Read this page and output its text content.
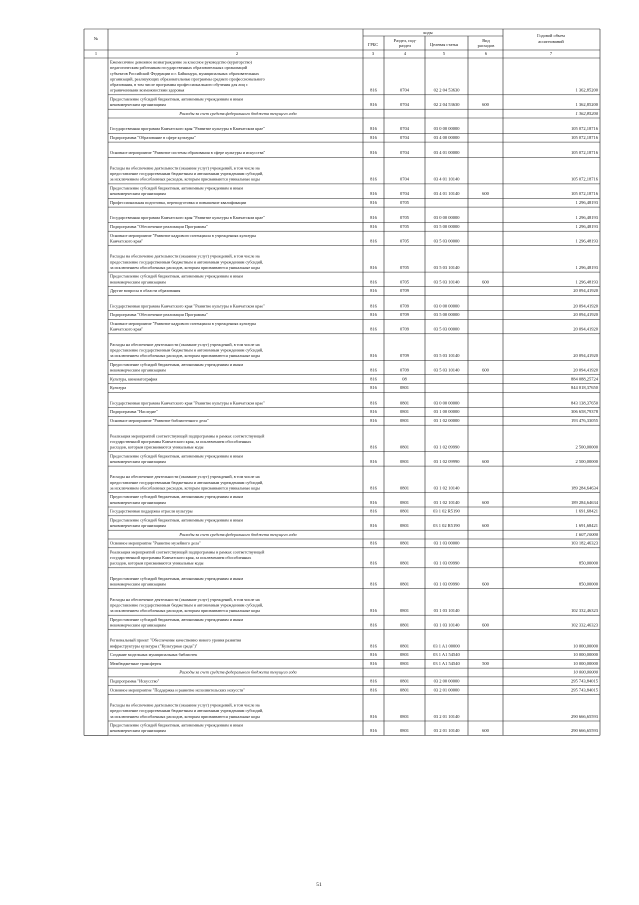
№
коды
ГРБС
Раздел, под-
раздел	Целевая статья
Вид
расходов
Годовой объем
ассигнований
1	2	3	4	5	6	7
Ежемесячное денежное вознаграждение за классное руководство (кураторство)
педагогическим работникам государственных образовательных организаций
субъектов Российской Федерации и г. Байконура, муниципальных образовательных
организаций, реализующих образовательные программы среднего профессионального
образования, в том числе программы профессионального обучения для лиц с
ограниченными возможностями здоровья	816	0704	02 2 04 53630	1 362,85200
Предоставление субсидий бюджетным, автономным учреждениям и иным
некоммерческим организациям	816	0704	02 2 04 53630	600	1 362,85200
Расходы за счет средств федерального бюджета текущего года	1 362,85200
Государственная программа Камчатского края "Развитие культуры в Камчатском крае"	816	0704	03 0 00 00000	105 072,18716
Подпрограмма "Образование в сфере культуры"	816	0704	03 4 00 00000	105 072,18716
Основное мероприятие "Развитие системы образования в сфере культуры и искусства"	816	0704	03 4 01 00000	105 072,18716
Расходы на обеспечение деятельности (оказание услуг) учреждений, в том числе на
предоставление государственным бюджетным и автономным учреждениям субсидий,
за исключением обособленных расходов, которым присваиваются уникальные коды	816	0704	03 4 01 10140	105 072,18716
Предоставление субсидий бюджетным, автономным учреждениям и иным
некоммерческим организациям	816	0704	03 4 01 10140	600	105 072,18716
Профессиональная подготовка, переподготовка и повышение квалификации	816	0705	1 296,48193
Государственная программа Камчатского края "Развитие культуры в Камчатском крае"	816	0705	03 0 00 00000	1 296,48193
Подпрограмма "Обеспечение реализации Программы"	816	0705	03 5 00 00000	1 296,48193
Основное мероприятие "Развитие кадрового потенциала в учреждениях культуры
Камчатского края"	816	0705	03 5 03 00000	1 296,48193
Расходы на обеспечение деятельности (оказание услуг) учреждений, в том числе на
предоставление государственным бюджетным и автономным учреждениям субсидий,
за исключением обособленных расходов, которым присваиваются уникальные коды	816	0705	03 5 03 10140	1 296,48193
Предоставление субсидий бюджетным, автономным учреждениям и иным
некоммерческим организациям	816	0705	03 5 03 10140	600	1 296,48193
Другие вопросы в области образования	816	0709	20 094,41920
Государственная программа Камчатского края "Развитие культуры в Камчатском крае"	816	0709	03 0 00 00000	20 094,41920
Подпрограмма "Обеспечение реализации Программы"	816	0709	03 5 00 00000	20 094,41920
Основное мероприятие "Развитие кадрового потенциала в учреждениях культуры
Камчатского края"	816	0709	03 5 03 00000	20 094,41920
Расходы на обеспечение деятельности (оказание услуг) учреждений, в том числе на
предоставление государственным бюджетным и автономным учреждениям субсидий,
за исключением обособленных расходов, которым присваиваются уникальные коды	816	0709	03 5 03 10140	20 094,41920
Предоставление субсидий бюджетным, автономным учреждениям и иным
некоммерческим организациям	816	0709	03 5 03 10140	600	20 094,41920
Культура, кинематография	816	08	884 088,25724
Культура	816	0801	844 018,37650
Государственная программа Камчатского края "Развитие культуры в Камчатском крае"	816	0801	03 0 00 00000	843 138,37650
Подпрограмма "Наследие"	816	0801	03 1 00 00000	306 658,79378
Основное мероприятие "Развитие библиотечного дела"	816	0801	03 1 02 00000	193 476,33055
Реализация мероприятий соответствующей подпрограммы в рамках соответствующей
государственной программы Камчатского края, за исключением обособленных
расходов, которым присваиваются уникальные коды	816	0801	03 1 02 09990	2 500,00000
Предоставление субсидий бюджетным, автономным учреждениям и иным
некоммерческим организациям	816	0801	03 1 02 09990	600	2 500,00000
Расходы на обеспечение деятельности (оказание услуг) учреждений, в том числе на
предоставление государственным бюджетным и автономным учреждениям субсидий,
за исключением обособленных расходов, которым присваиваются уникальные коды	816	0801	03 1 02 10140	189 284,64634
Предоставление субсидий бюджетным, автономным учреждениям и иным
некоммерческим организациям	816	0801	03 1 02 10140	600	189 284,64634
Государственная поддержка отрасли культуры	816	0801	03 1 02 R5190	1 691,68421
Предоставление субсидий бюджетным, автономным учреждениям и иным
некоммерческим организациям	816	0801	03 1 02 R5190	600	1 691,68421
Расходы за счет средств федерального бюджета текущего года	1 607,10000
Основное мероприятие "Развитие музейного дела"	816	0801	03 1 03 00000	103 182,46323
Реализация мероприятий соответствующей подпрограммы в рамках соответствующей
государственной программы Камчатского края, за исключением обособленных
расходов, которым присваиваются уникальные коды	816	0801	03 1 03 09990	850,00000
Предоставление субсидий бюджетным, автономным учреждениям и иным
некоммерческим организациям	816	0801	03 1 03 09990	600	850,00000
Расходы на обеспечение деятельности (оказание услуг) учреждений, в том числе на
предоставление государственным бюджетным и автономным учреждениям субсидий,
за исключением обособленных расходов, которым присваиваются уникальные коды	816	0801	03 1 03 10140	102 332,46323
Предоставление субсидий бюджетным, автономным учреждениям и иным
некоммерческим организациям	816	0801	03 1 03 10140	600	102 332,46323
Региональный проект "Обеспечение качественно нового уровня развития
инфраструктуры культуры ("Культурная среда")"	816	0801	03 1 A1 00000	10 000,00000
Создание модельных муниципальных библиотек	816	0801	03 1 A1 54540	10 000,00000
Межбюджетные трансферты	816	0801	03 1 A1 54540	500	10 000,00000
Расходы за счет средств федерального бюджета текущего года	10 000,00000
Подпрограмма "Искусство"	816	0801	03 2 00 00000	295 743,84015
Основное мероприятие "Поддержка и развитие исполнительских искусств"	816	0801	03 2 01 00000	295 743,84015
Расходы на обеспечение деятельности (оказание услуг) учреждений, в том числе на
предоставление государственным бюджетным и автономным учреждениям субсидий,
за исключением обособленных расходов, которым присваиваются уникальные коды	816	0801	03 2 01 10140	290 666,65593
Предоставление субсидий бюджетным, автономным учреждениям и иным
некоммерческим организациям	816	0801	03 2 01 10140	600	290 666,65593
51
